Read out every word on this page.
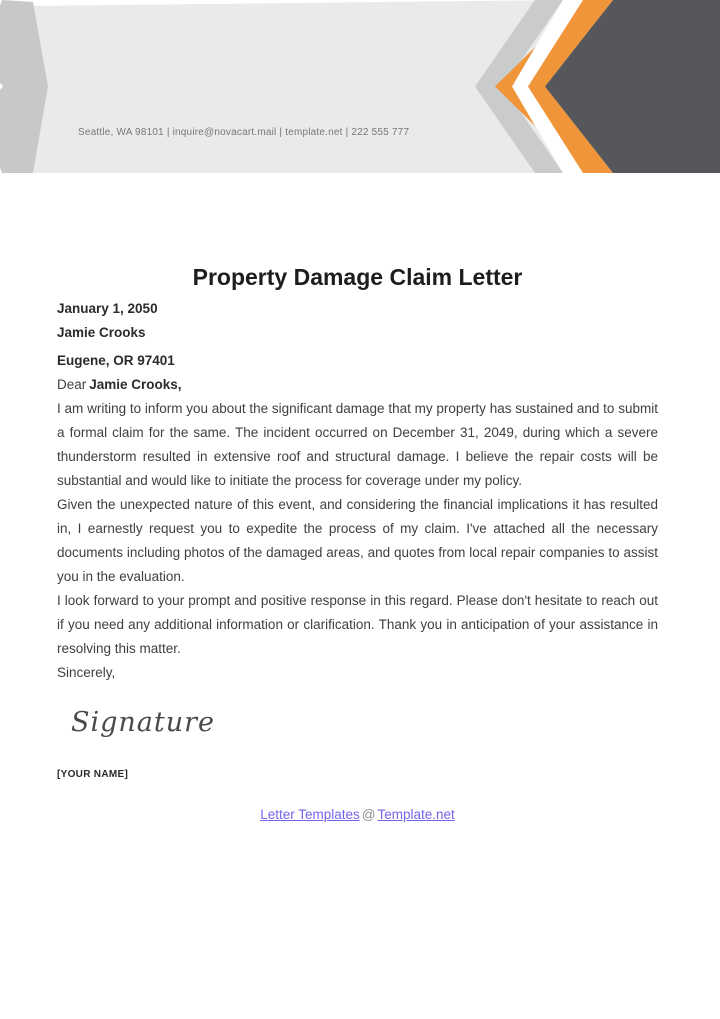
Seattle, WA 98101 | inquire@novacart.mail | template.net | 222 555 777
Property Damage Claim Letter
January 1, 2050
Jamie Crooks
Eugene, OR 97401
Dear Jamie Crooks,

I am writing to inform you about the significant damage that my property has sustained and to submit a formal claim for the same. The incident occurred on December 31, 2049, during which a severe thunderstorm resulted in extensive roof and structural damage. I believe the repair costs will be substantial and would like to initiate the process for coverage under my policy.

Given the unexpected nature of this event, and considering the financial implications it has resulted in, I earnestly request you to expedite the process of my claim. I've attached all the necessary documents including photos of the damaged areas, and quotes from local repair companies to assist you in the evaluation.

I look forward to your prompt and positive response in this regard. Please don't hesitate to reach out if you need any additional information or clarification. Thank you in anticipation of your assistance in resolving this matter.

Sincerely,
Signature
[YOUR NAME]
Letter Templates @ Template.net
